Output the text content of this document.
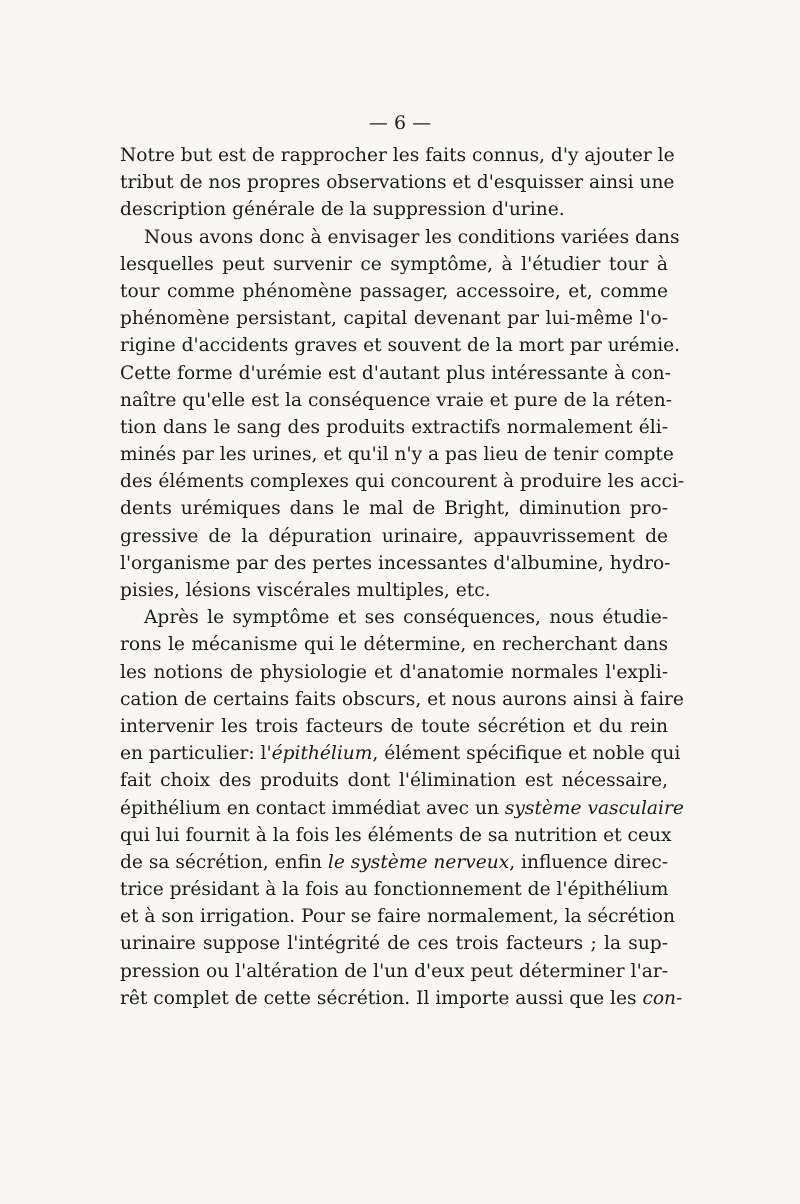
— 6 —
Notre but est de rapprocher les faits connus, d'y ajouter le
tribut de nos propres observations et d'esquisser ainsi une
description générale de la suppression d'urine.
Nous avons donc à envisager les conditions variées dans
lesquelles peut survenir ce symptôme, à l'étudier tour à
tour comme phénomène passager, accessoire, et, comme
phénomène persistant, capital devenant par lui-même l'o-
rigine d'accidents graves et souvent de la mort par urémie.
Cette forme d'urémie est d'autant plus intéressante à con-
naître qu'elle est la conséquence vraie et pure de la réten-
tion dans le sang des produits extractifs normalement éli-
minés par les urines, et qu'il n'y a pas lieu de tenir compte
des éléments complexes qui concourent à produire les acci-
dents urémiques dans le mal de Bright, diminution pro-
gressive de la dépuration urinaire, appauvrissement de
l'organisme par des pertes incessantes d'albumine, hydro-
pisies, lésions viscérales multiples, etc.
Après le symptôme et ses conséquences, nous étudie-
rons le mécanisme qui le détermine, en recherchant dans
les notions de physiologie et d'anatomie normales l'expli-
cation de certains faits obscurs, et nous aurons ainsi à faire
intervenir les trois facteurs de toute sécrétion et du rein
en particulier: l'épithélium, élément spécifique et noble qui
fait choix des produits dont l'élimination est nécessaire,
épithélium en contact immédiat avec un système vasculaire
qui lui fournit à la fois les éléments de sa nutrition et ceux
de sa sécrétion, enfin le système nerveux, influence direc-
trice présidant à la fois au fonctionnement de l'épithélium
et à son irrigation. Pour se faire normalement, la sécrétion
urinaire suppose l'intégrité de ces trois facteurs ; la sup-
pression ou l'altération de l'un d'eux peut déterminer l'ar-
rêt complet de cette sécrétion. Il importe aussi que les con-
